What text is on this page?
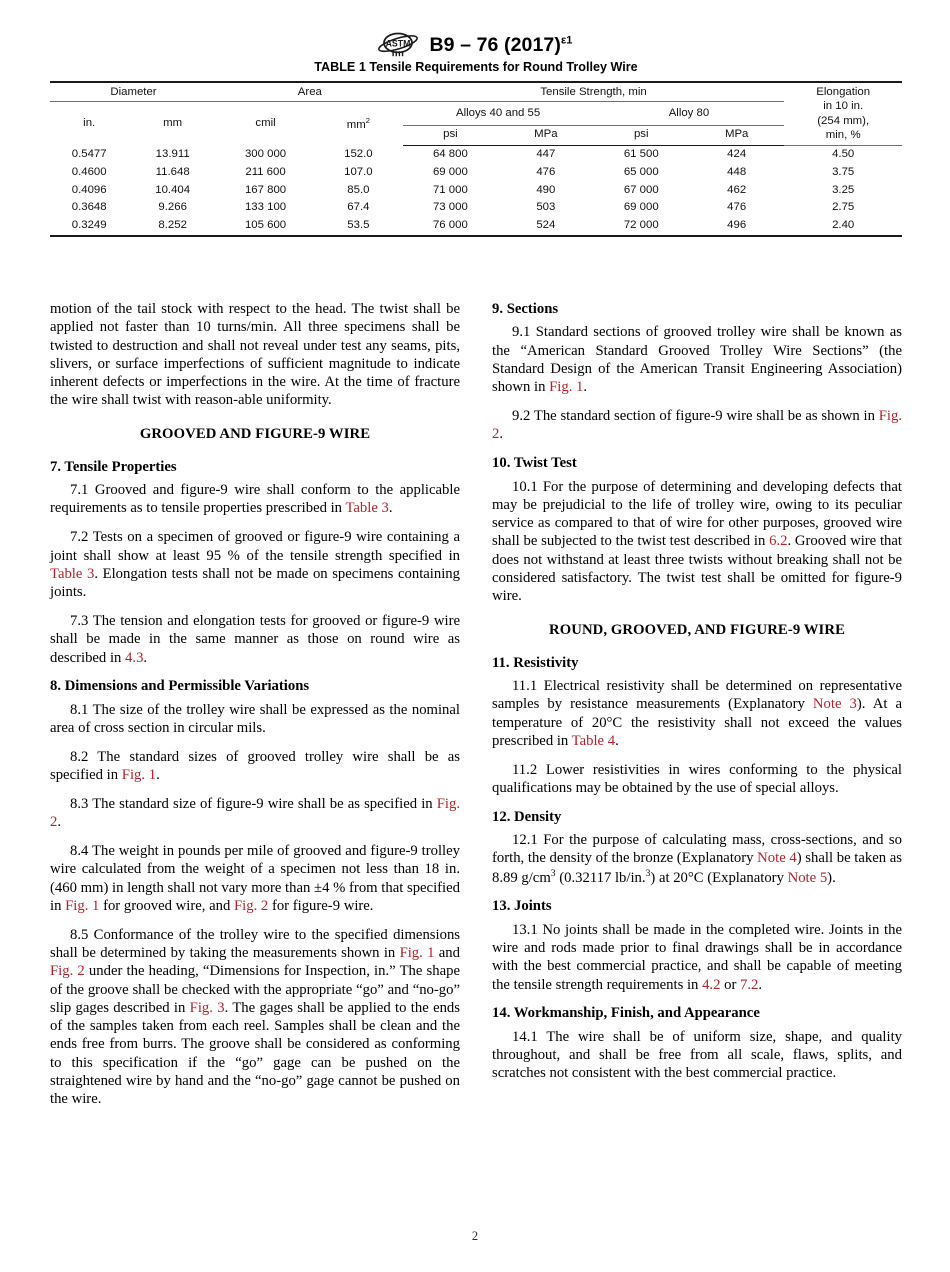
ASTM B9 – 76 $(2017)^{\varepsilon 1}$
TABLE 1 Tensile Requirements for Round Trolley Wire
Diameter		Area		Tensile Strength, min				Elongation
in 10 in.
(254 mm),
min, %
in.	mm	cmil	$mm^2$	Alloys 40 and 55		Alloy 80		
				psi	MPa	psi	MPa	
0.5477	13.911	300 000	152.0	64 800	447	61 500	424	4.50
0.4600	11.648	211 600	107.0	69 000	476	65 000	448	3.75
0.4096	10.404	167 800	85.0	71 000	490	67 000	462	3.25
0.3648	9.266	133 100	67.4	73 000	503	69 000	476	2.75
0.3249	8.252	105 600	53.5	76 000	524	72 000	496	2.40

motion of the tail stock with respect to the head. The twist shall be applied not faster than 10 turns/min. All three specimens shall be twisted to destruction and shall not reveal under test any seams, pits, slivers, or surface imperfections of sufficient magnitude to indicate inherent defects or imperfections in the wire. At the time of fracture the wire shall twist with reason-able uniformity.

GROOVED AND FIGURE-9 WIRE
7. Tensile Properties

7.1 Grooved and figure-9 wire shall conform to the applicable requirements as to tensile properties prescribed in Table 3.

7.2 Tests on a specimen of grooved or figure-9 wire containing a joint shall show at least 95 % of the tensile strength specified in Table 3. Elongation tests shall not be made on specimens containing joints.

7.3 The tension and elongation tests for grooved or figure-9 wire shall be made in the same manner as those on round wire as described in 4.3.

8. Dimensions and Permissible Variations

8.1 The size of the trolley wire shall be expressed as the nominal area of cross section in circular mils.

8.2 The standard sizes of grooved trolley wire shall be as specified in Fig. 1.

8.3 The standard size of figure-9 wire shall be as specified in Fig. 2.

8.4 The weight in pounds per mile of grooved and figure-9 trolley wire calculated from the weight of a specimen not less than 18 in. (460 mm) in length shall not vary more than ±4 % from that specified in Fig. 1 for grooved wire, and Fig. 2 for figure-9 wire.

8.5 Conformance of the trolley wire to the specified dimensions shall be determined by taking the measurements shown in Fig. 1 and Fig. 2 under the heading, “Dimensions for Inspection, in.” The shape of the groove shall be checked with the appropriate “go” and “no-go” slip gages described in Fig. 3. The gages shall be applied to the ends of the samples taken from each reel. Samples shall be clean and the ends free from burrs. The groove shall be considered as conforming to this specification if the “go” gage can be pushed on the straightened wire by hand and the “no-go” gage cannot be pushed on the wire.

9. Sections

9.1 Standard sections of grooved trolley wire shall be known as the “American Standard Grooved Trolley Wire Sections” (the Standard Design of the American Transit Engineering Association) shown in Fig. 1.

9.2 The standard section of figure-9 wire shall be as shown in Fig. 2.

10. Twist Test

10.1 For the purpose of determining and developing defects that may be prejudicial to the life of trolley wire, owing to its peculiar service as compared to that of wire for other purposes, grooved wire shall be subjected to the twist test described in 6.2. Grooved wire that does not withstand at least three twists without breaking shall not be considered satisfactory. The twist test shall be omitted for figure-9 wire.

ROUND, GROOVED, AND FIGURE-9 WIRE
11. Resistivity

11.1 Electrical resistivity shall be determined on representative samples by resistance measurements (Explanatory Note 3). At a temperature of 20°C the resistivity shall not exceed the values prescribed in Table 4.

11.2 Lower resistivities in wires conforming to the physical qualifications may be obtained by the use of special alloys.

12. Density

12.1 For the purpose of calculating mass, cross-sections, and so forth, the density of the bronze (Explanatory Note 4) shall be taken as 8.89 $g/cm^3$ (0.32117 lb/in.$^3$) at 20°C (Explanatory Note 5).

13. Joints

13.1 No joints shall be made in the completed wire. Joints in the wire and rods made prior to final drawings shall be in accordance with the best commercial practice, and shall be capable of meeting the tensile strength requirements in 4.2 or 7.2.

14. Workmanship, Finish, and Appearance

14.1 The wire shall be of uniform size, shape, and quality throughout, and shall be free from all scale, flaws, splits, and scratches not consistent with the best commercial practice.

2
